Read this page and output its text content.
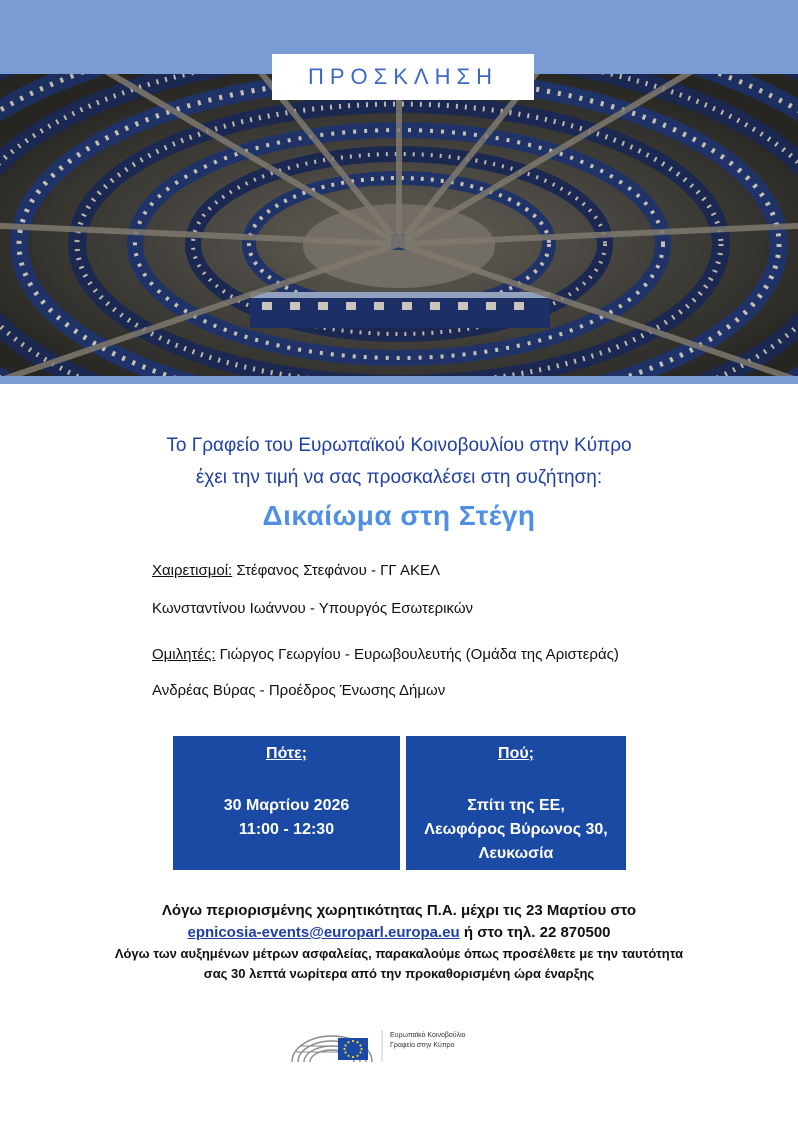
ΠΡΟΣΚΛΗΣΗ
Το Γραφείο του Ευρωπαϊκού Κοινοβουλίου στην Κύπρο
έχει την τιμή να σας προσκαλέσει στη συζήτηση:
Δικαίωμα στη Στέγη
Χαιρετισμοί: Στέφανος Στεφάνου - ΓΓ ΑΚΕΛ
Κωνσταντίνου Ιωάννου - Υπουργός Εσωτερικών
Ομιλητές: Γιώργος Γεωργίου - Ευρωβουλευτής (Ομάδα της Αριστεράς)
Ανδρέας Βύρας - Προέδρος Ένωσης Δήμων
Πότε;
30 Μαρτίου 2026
11:00 - 12:30
Πού;
Σπίτι της ΕΕ,
Λεωφόρος Βύρωνος 30,
Λευκωσία
Λόγω περιορισμένης χωρητικότητας Π.Α. μέχρι τις 23 Μαρτίου στο
epnicosia-events@europarl.europa.eu ή στο τηλ. 22 870500
Λόγω των αυξημένων μέτρων ασφαλείας, παρακαλούμε όπως προσέλθετε με την ταυτότητα
σας 30 λεπτά νωρίτερα από την προκαθορισμένη ώρα έναρξης
Ευρωπαϊκό Κοινοβούλιο
Γραφείο στην Κύπρο
